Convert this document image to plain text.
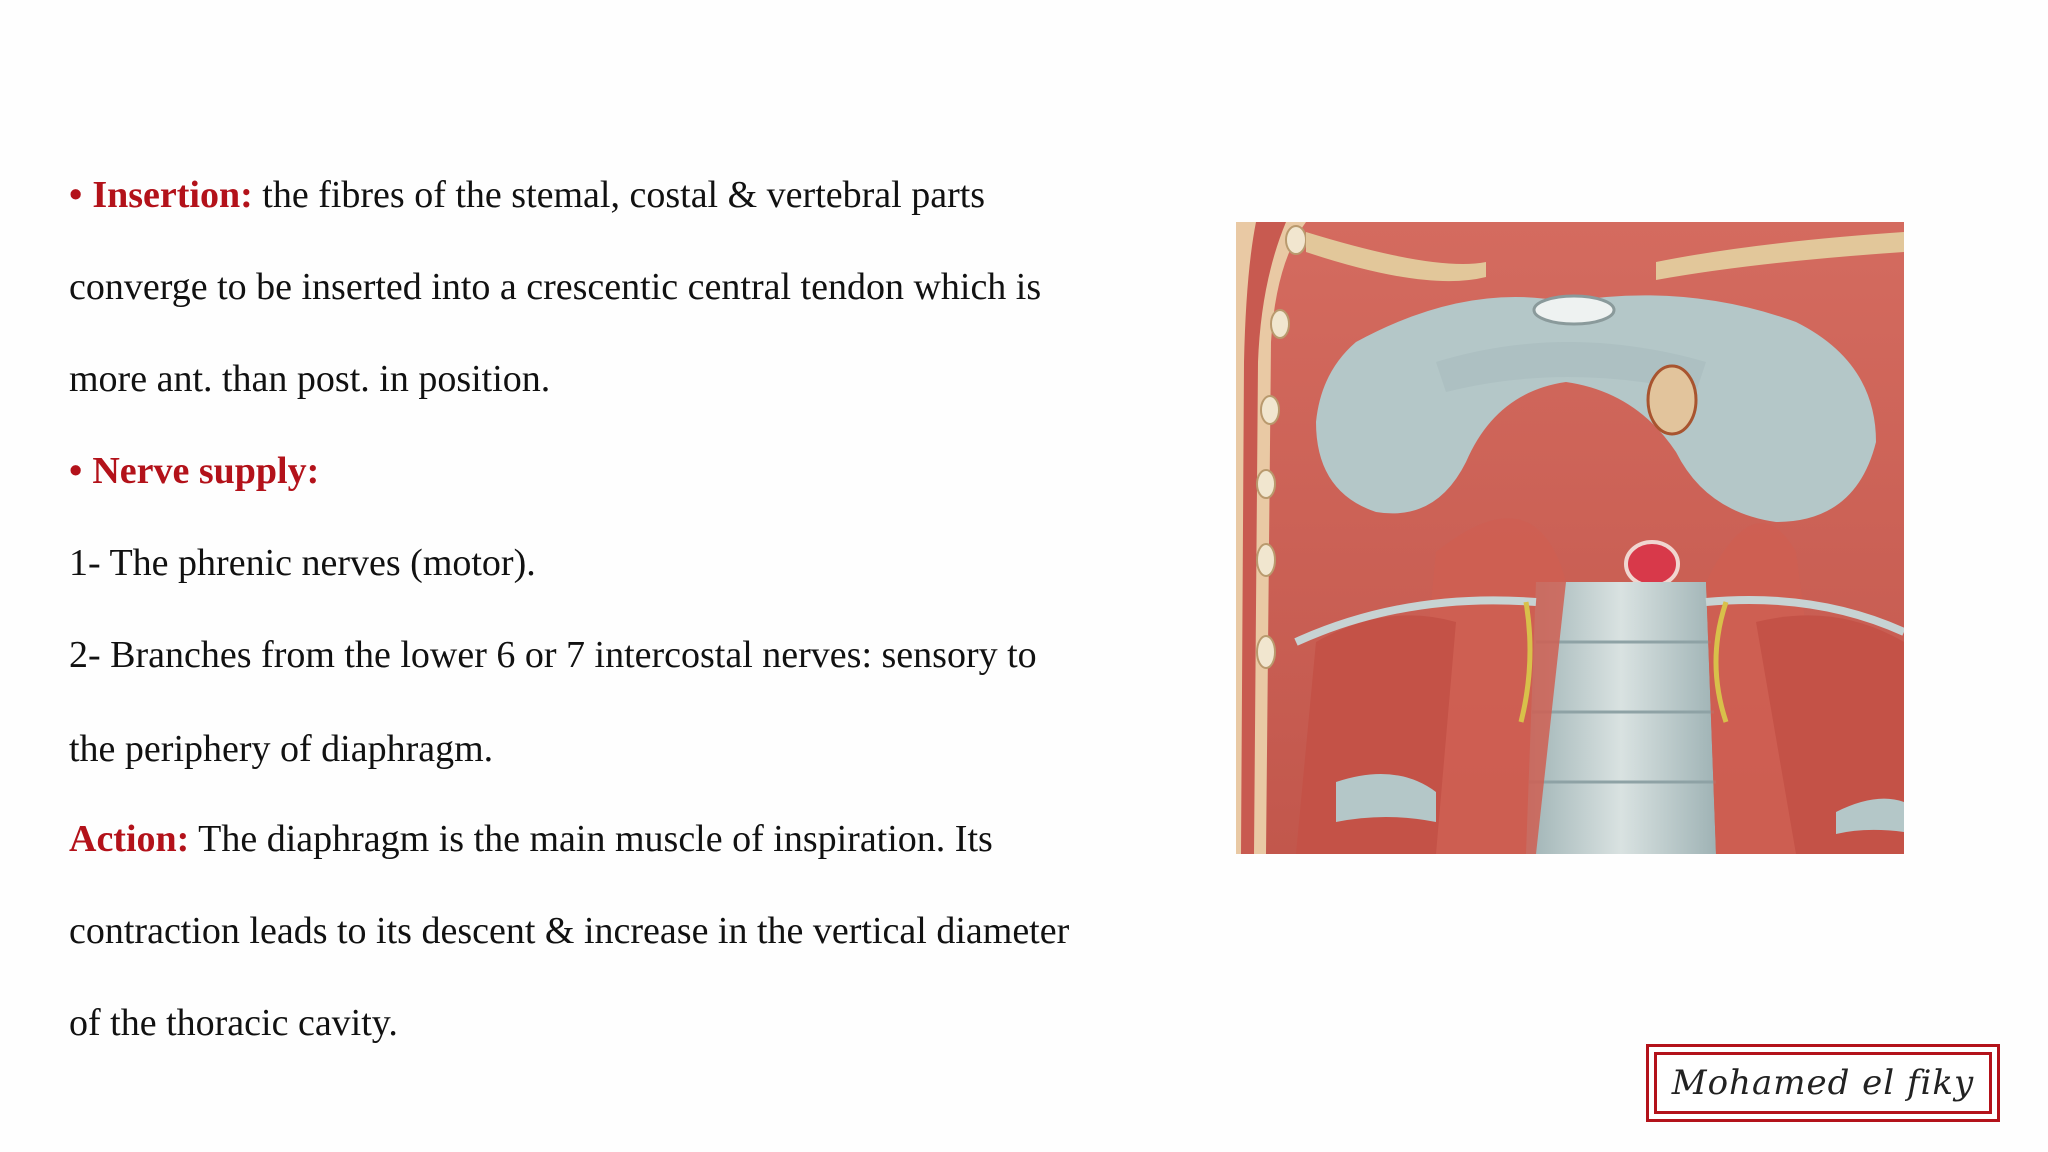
• Insertion: the fibres of the stemal, costal & vertebral parts
converge to be inserted into a crescentic central tendon which is
more ant. than post. in position.
• Nerve supply:
1- The phrenic nerves (motor).
2- Branches from the lower 6 or 7 intercostal nerves: sensory to
the periphery of diaphragm.
Action: The diaphragm is the main muscle of inspiration. Its
contraction leads to its descent & increase in the vertical diameter
of the thoracic cavity.
Mohamed el fiky
